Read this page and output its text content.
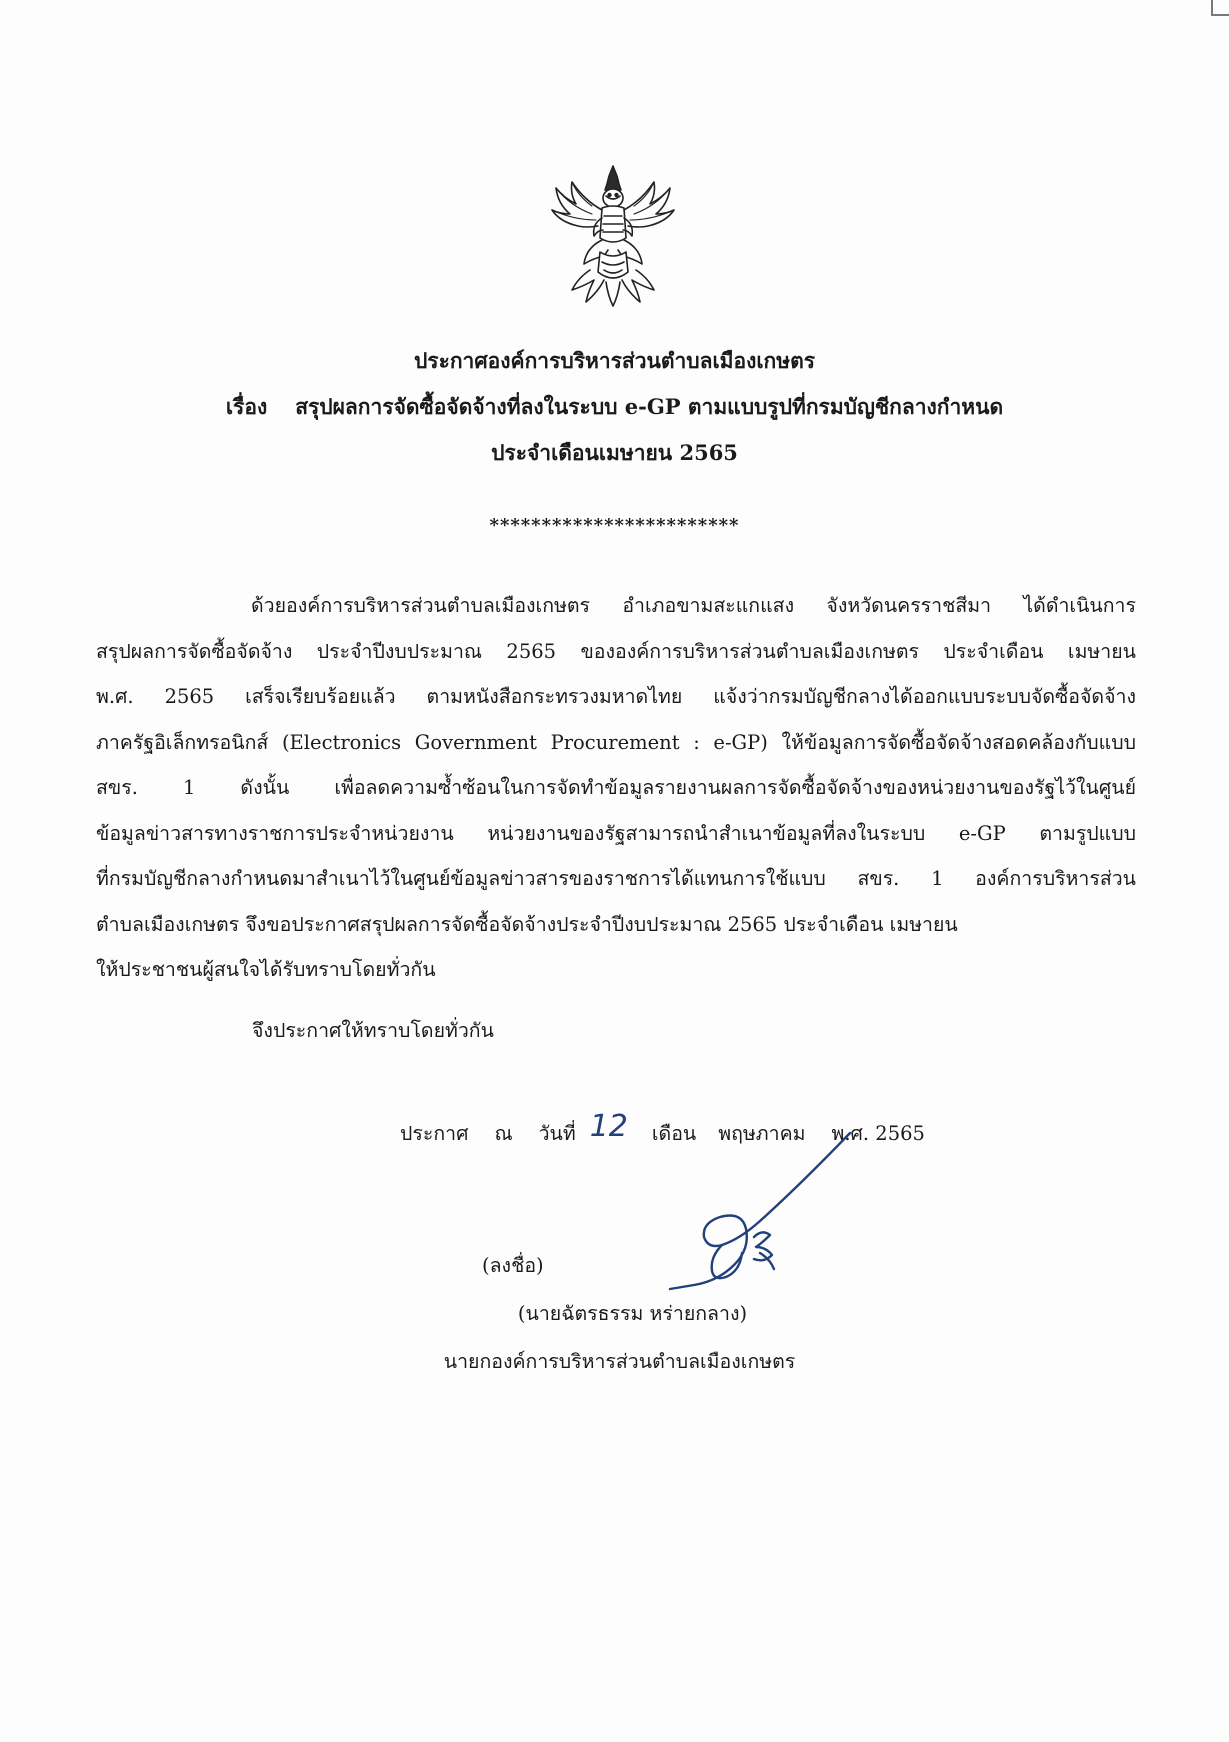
ประกาศองค์การบริหารส่วนตำบลเมืองเกษตร
เรื่อง สรุปผลการจัดซื้อจัดจ้างที่ลงในระบบ e-GP ตามแบบรูปที่กรมบัญชีกลางกำหนด
ประจำเดือนเมษายน 2565
************************
ด้วยองค์การบริหารส่วนตำบลเมืองเกษตร อำเภอขามสะแกแสง จังหวัดนครราชสีมา ได้ดำเนินการ
สรุปผลการจัดซื้อจัดจ้าง ประจำปีงบประมาณ 2565 ขององค์การบริหารส่วนตำบลเมืองเกษตร ประจำเดือน เมษายน
พ.ศ. 2565 เสร็จเรียบร้อยแล้ว ตามหนังสือกระทรวงมหาดไทย แจ้งว่ากรมบัญชีกลางได้ออกแบบระบบจัดซื้อจัดจ้าง
ภาครัฐอิเล็กทรอนิกส์ (Electronics Government Procurement : e-GP) ให้ข้อมูลการจัดซื้อจัดจ้างสอดคล้องกับแบบ
สขร. 1 ดังนั้น เพื่อลดความซ้ำซ้อนในการจัดทำข้อมูลรายงานผลการจัดซื้อจัดจ้างของหน่วยงานของรัฐไว้ในศูนย์
ข้อมูลข่าวสารทางราชการประจำหน่วยงาน หน่วยงานของรัฐสามารถนำสำเนาข้อมูลที่ลงในระบบ e-GP ตามรูปแบบ
ที่กรมบัญชีกลางกำหนดมาสำเนาไว้ในศูนย์ข้อมูลข่าวสารของราชการได้แทนการใช้แบบ สขร. 1 องค์การบริหารส่วน
ตำบลเมืองเกษตร จึงขอประกาศสรุปผลการจัดซื้อจัดจ้างประจำปีงบประมาณ 2565 ประจำเดือน เมษายน
ให้ประชาชนผู้สนใจได้รับทราบโดยทั่วกัน
จึงประกาศให้ทราบโดยทั่วกัน
ประกาศ ณ วันที่ 12 เดือน พฤษภาคม พ.ศ. 2565
(ลงชื่อ)
(นายฉัตรธรรม หร่ายกลาง)
นายกองค์การบริหารส่วนตำบลเมืองเกษตร
